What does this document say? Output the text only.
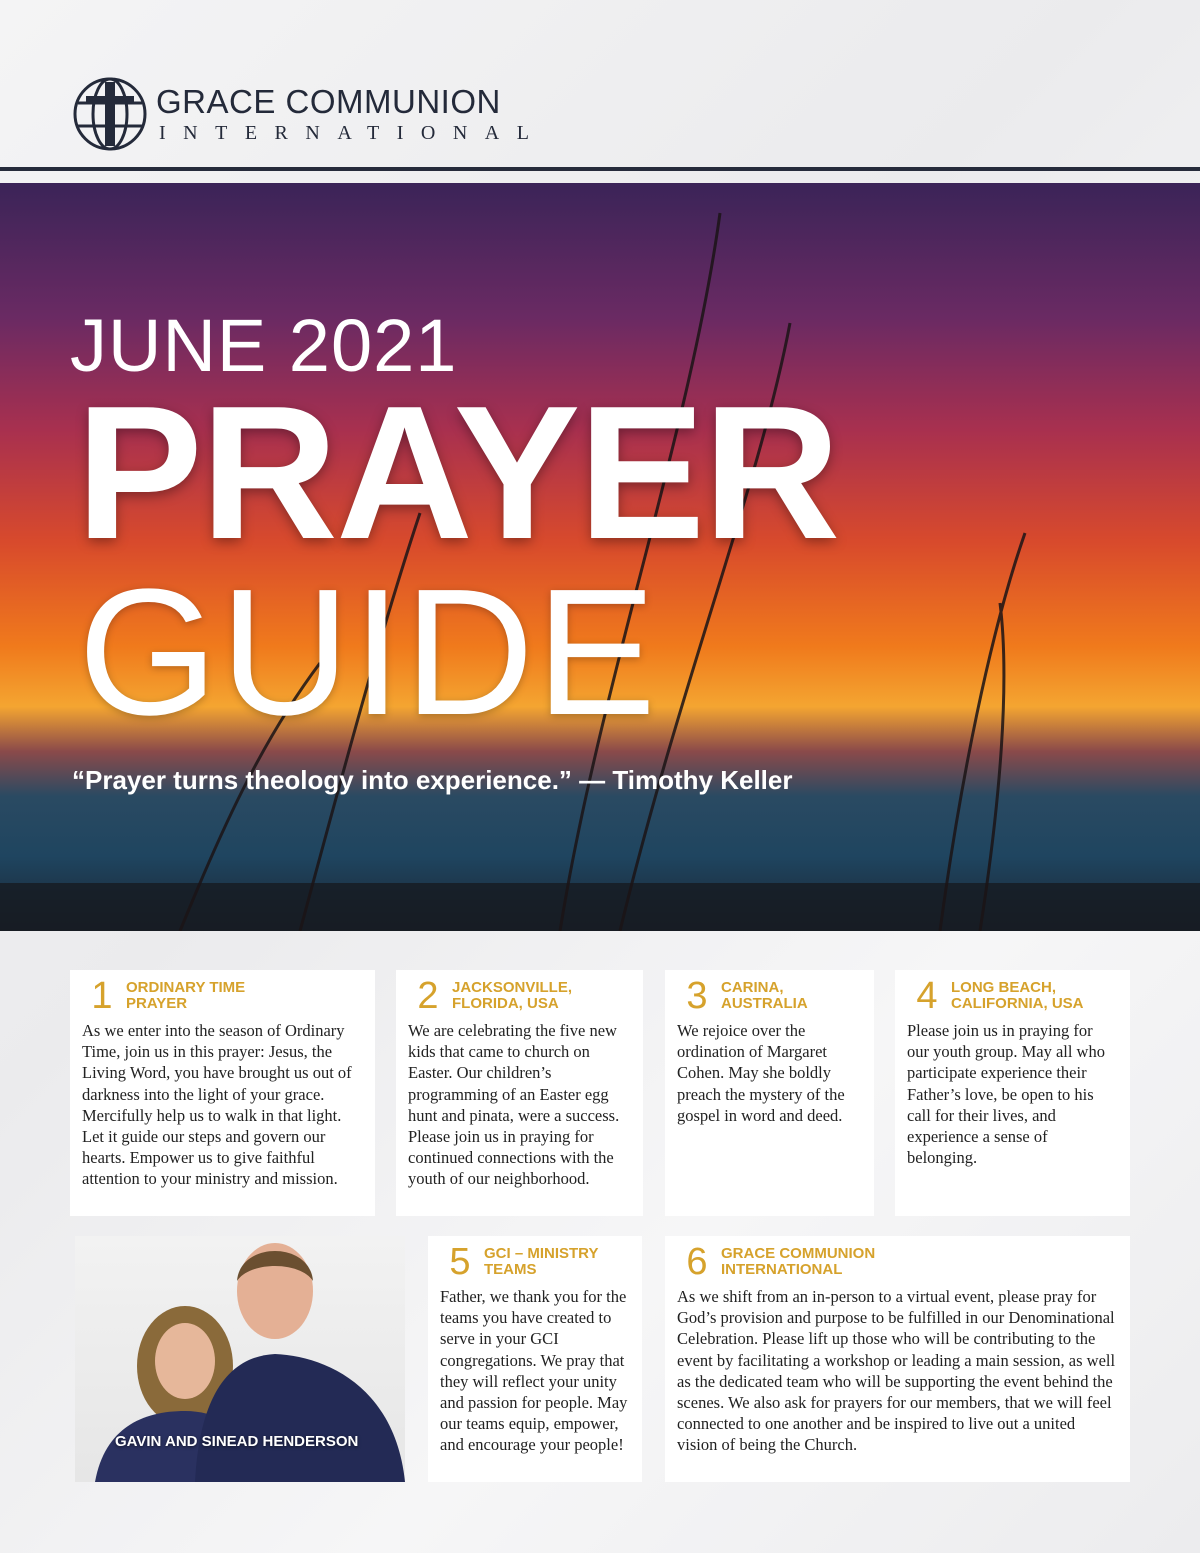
GRACE COMMUNION
INTERNATIONAL
JUNE 2021
PRAYER
GUIDE
“Prayer turns theology into experience.” — Timothy Keller
1 ORDINARY TIME PRAYER
As we enter into the season of Ordinary Time, join us in this prayer: Jesus, the Living Word, you have brought us out of darkness into the light of your grace. Mercifully help us to walk in that light. Let it guide our steps and govern our hearts. Empower us to give faithful attention to your ministry and mission.
2 JACKSONVILLE, FLORIDA, USA
We are celebrating the five new kids that came to church on Easter. Our children’s programming of an Easter egg hunt and pinata, were a success. Please join us in praying for continued connections with the youth of our neighborhood.
3 CARINA, AUSTRALIA
We rejoice over the ordination of Margaret Cohen. May she boldly preach the mystery of the gospel in word and deed.
4 LONG BEACH, CALIFORNIA, USA
Please join us in praying for our youth group. May all who participate experience their Father’s love, be open to his call for their lives, and experience a sense of belonging.
GAVIN AND SINEAD HENDERSON
5 GCI – MINISTRY TEAMS
Father, we thank you for the teams you have created to serve in your GCI congregations. We pray that they will reflect your unity and passion for people. May our teams equip, empower, and encourage your people!
6 GRACE COMMUNION INTERNATIONAL
As we shift from an in-person to a virtual event, please pray for God’s provision and purpose to be fulfilled in our Denominational Celebration. Please lift up those who will be contributing to the event by facilitating a workshop or leading a main session, as well as the dedicated team who will be supporting the event behind the scenes. We also ask for prayers for our members, that we will feel connected to one another and be inspired to live out a united vision of being the Church.
